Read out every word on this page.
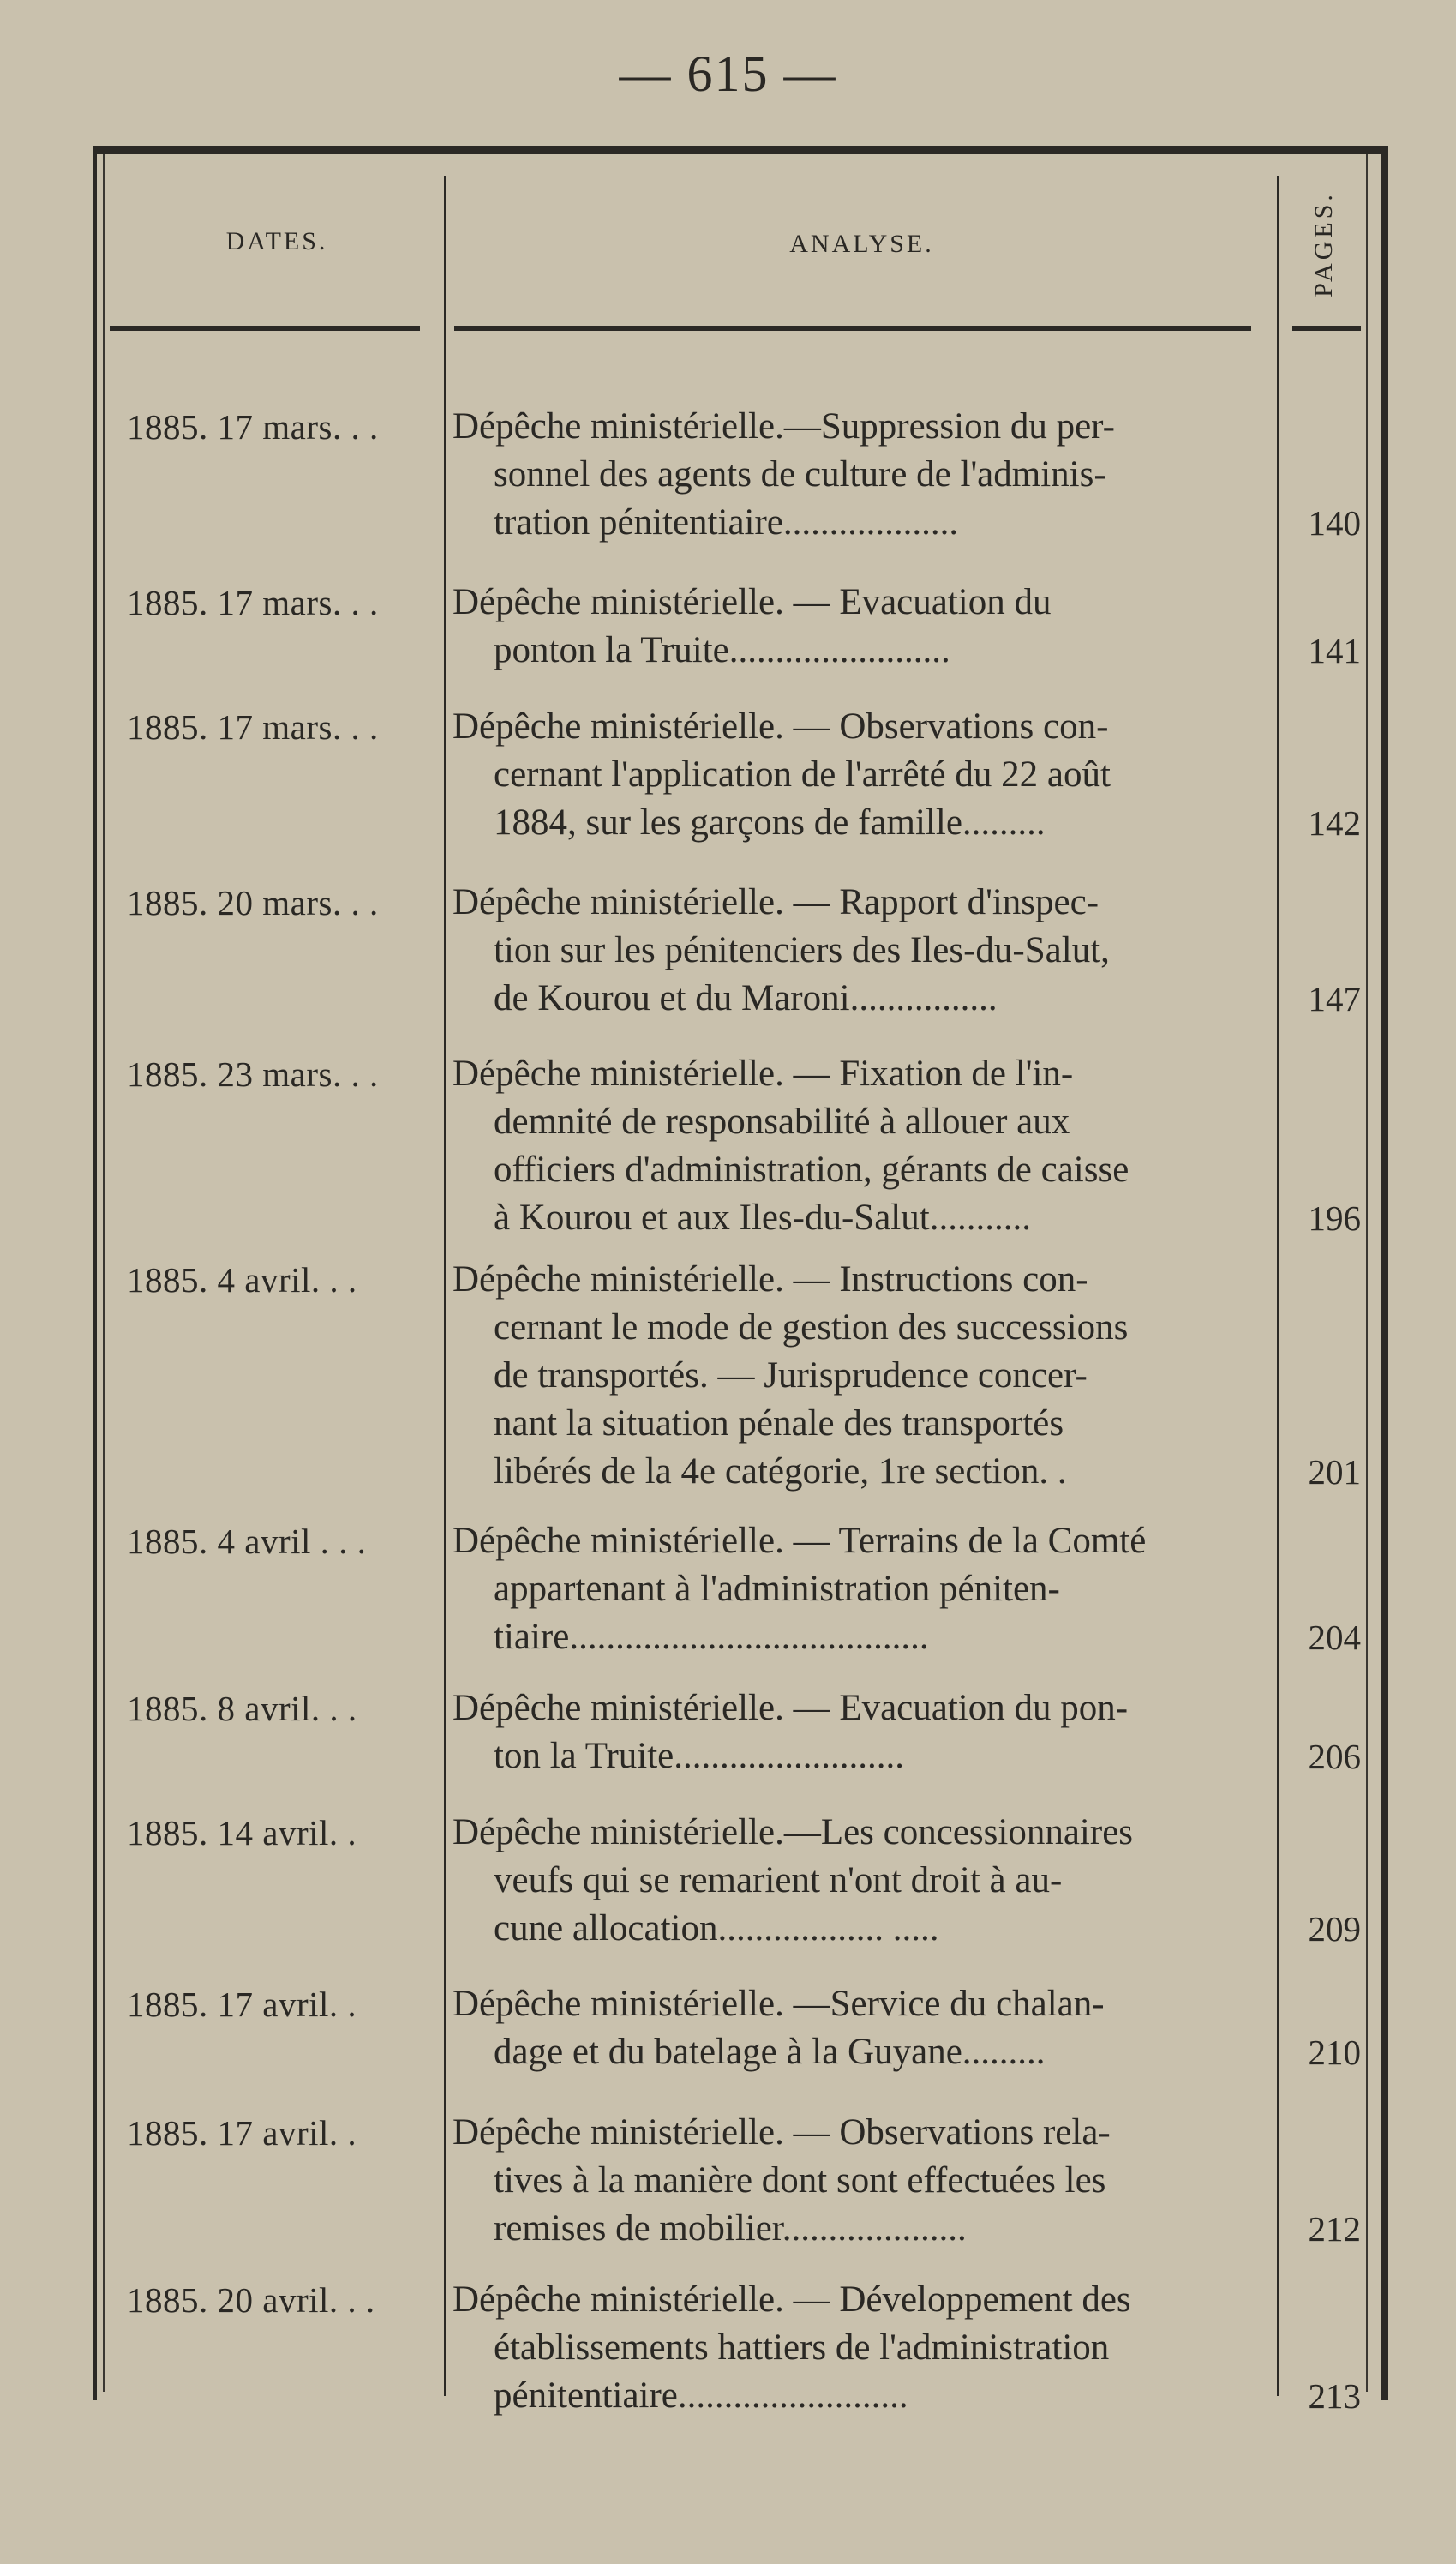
— 615 —
DATES.	ANALYSE.	PAGES.
1885. 17 mars. . .	Dépêche ministérielle.—Suppression du per-
sonnel des agents de culture de l'adminis-
tration pénitentiaire...................	140
1885. 17 mars. . .	Dépêche ministérielle. — Evacuation du
ponton la Truite........................	141
1885. 17 mars. . .	Dépêche ministérielle. — Observations con-
cernant l'application de l'arrêté du 22 août
1884, sur les garçons de famille.........	142
1885. 20 mars. . .	Dépêche ministérielle. — Rapport d'inspec-
tion sur les pénitenciers des Iles-du-Salut,
de Kourou et du Maroni................	147
1885. 23 mars. . .	Dépêche ministérielle. — Fixation de l'in-
demnité de responsabilité à allouer aux
officiers d'administration, gérants de caisse
à Kourou et aux Iles-du-Salut...........	196
1885. 4 avril. . .	Dépêche ministérielle. — Instructions con-
cernant le mode de gestion des successions
de transportés. — Jurisprudence concer-
nant la situation pénale des transportés
libérés de la 4e catégorie, 1re section. .	201
1885. 4 avril . . .	Dépêche ministérielle. — Terrains de la Comté
appartenant à l'administration péniten-
tiaire.......................................	204
1885. 8 avril. . .	Dépêche ministérielle. — Evacuation du pon-
ton la Truite.........................	206
1885. 14 avril. .	Dépêche ministérielle.—Les concessionnaires
veufs qui se remarient n'ont droit à au-
cune allocation.................. .....	209
1885. 17 avril. .	Dépêche ministérielle. —Service du chalan-
dage et du batelage à la Guyane.........	210
1885. 17 avril. .	Dépêche ministérielle. — Observations rela-
tives à la manière dont sont effectuées les
remises de mobilier....................	212
1885. 20 avril. . .	Dépêche ministérielle. — Développement des
établissements hattiers de l'administration
pénitentiaire.........................	213
